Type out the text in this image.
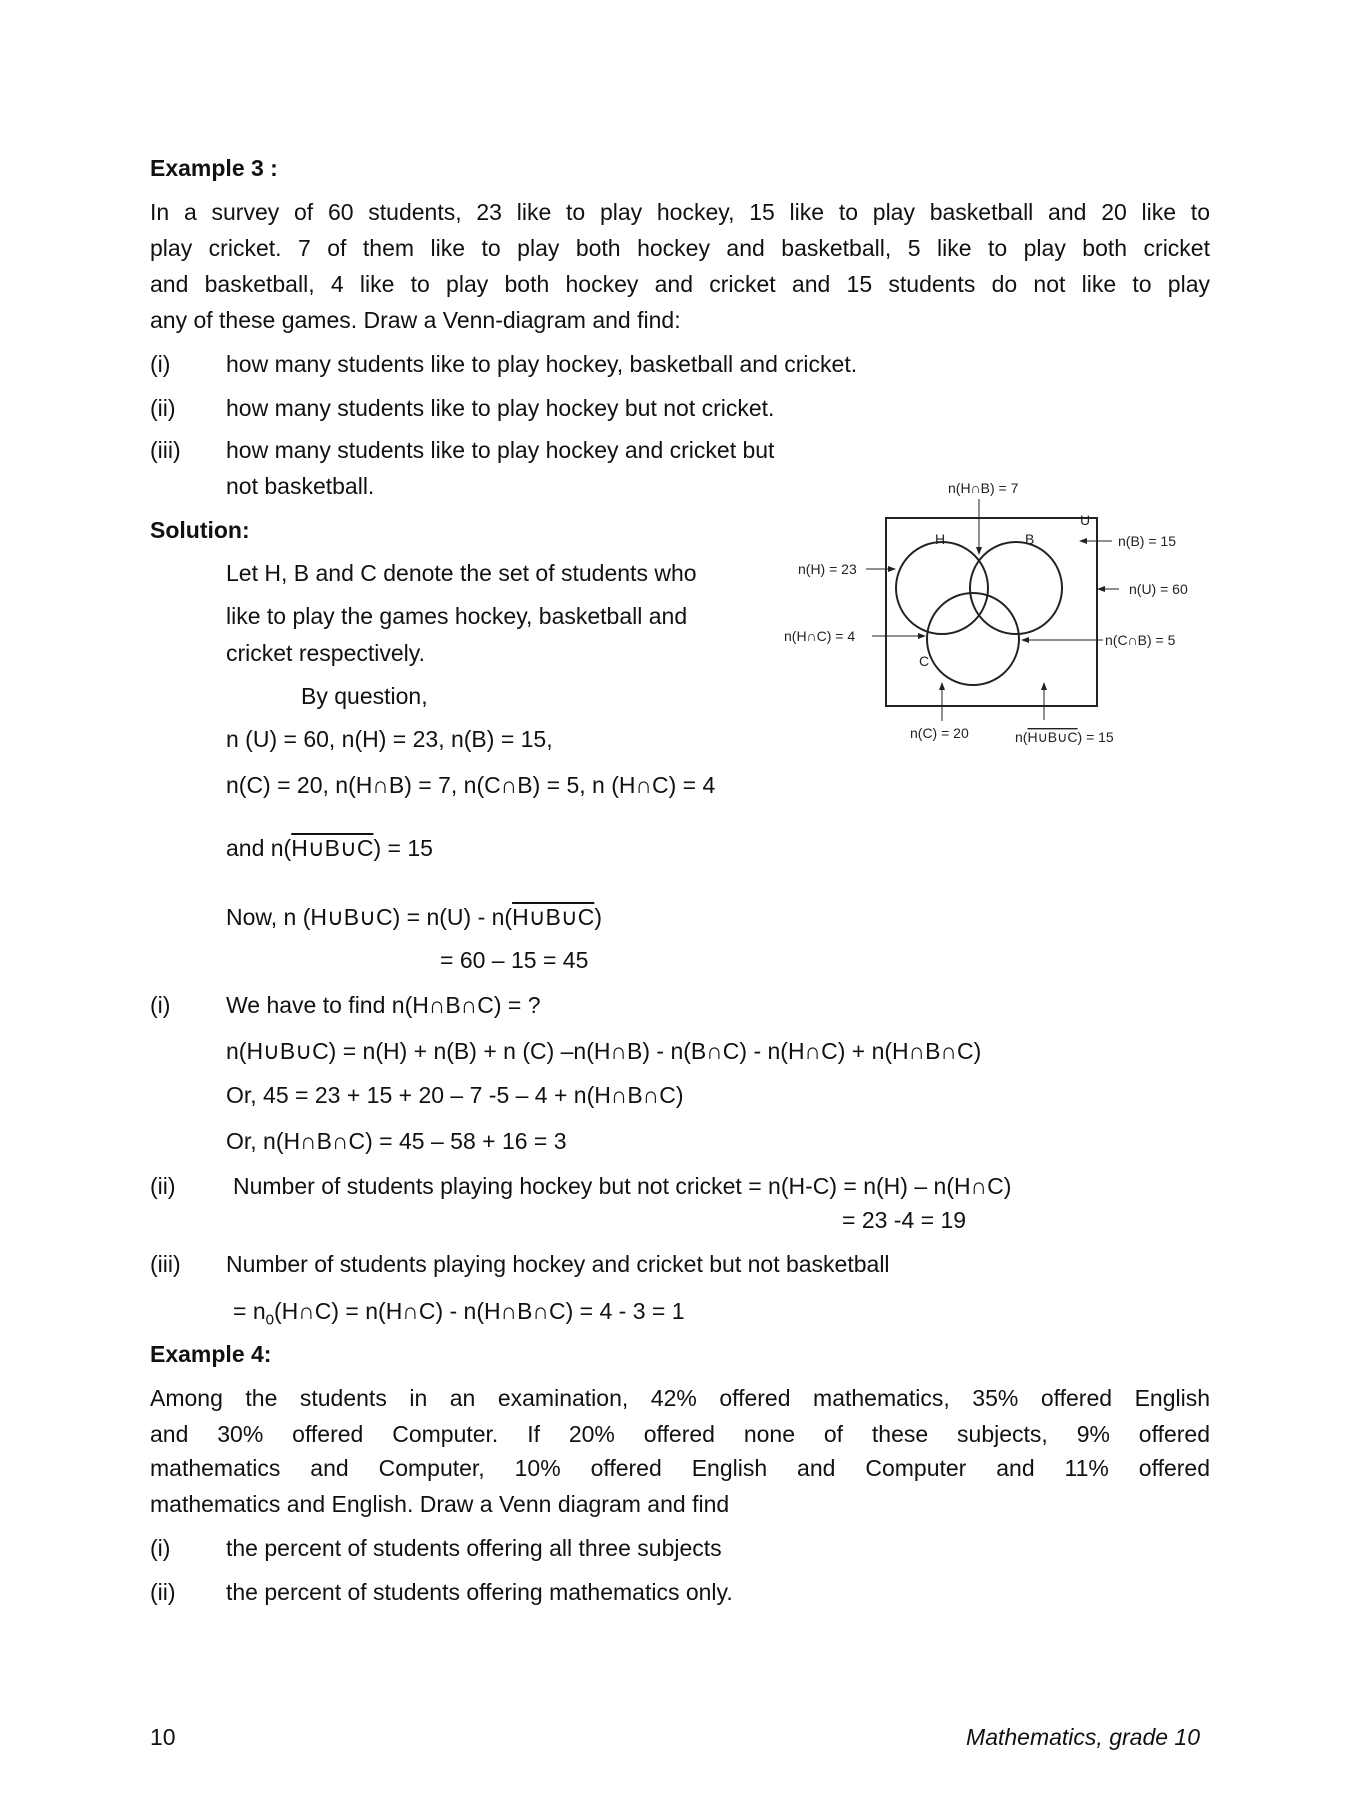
Example 3 :
In a survey of 60 students, 23 like to play hockey, 15 like to play basketball and 20 like to
play cricket. 7 of them like to play both hockey and basketball, 5 like to play both cricket
and basketball, 4 like to play both hockey and cricket and 15 students do not like to play
any of these games. Draw a Venn-diagram and find:
(i) how many students like to play hockey, basketball and cricket.
(ii) how many students like to play hockey but not cricket.
(iii) how many students like to play hockey and cricket but
not basketball.
Solution:
Let H, B and C denote the set of students who
like to play the games hockey, basketball and
cricket respectively.
By question,
n (U) = 60, n(H) = 23, n(B) = 15,
n(C) = 20, n(H∩B) = 7, n(C∩B) = 5, n (H∩C) = 4
and n(H∪B∪C) = 15
Now, n (H∪B∪C) = n(U) - n(H∪B∪C)
= 60 – 15 = 45
(i) We have to find n(H∩B∩C) = ?
n(H∪B∪C) = n(H) + n(B) + n (C) –n(H∩B) - n(B∩C) - n(H∩C) + n(H∩B∩C)
Or, 45 = 23 + 15 + 20 – 7 -5 – 4 + n(H∩B∩C)
Or, n(H∩B∩C) = 45 – 58 + 16 = 3
(ii) Number of students playing hockey but not cricket = n(H-C) = n(H) – n(H∩C)
= 23 -4 = 19
(iii) Number of students playing hockey and cricket but not basketball
= $n_0(H\cap C)$ = n(H∩C) - n(H∩B∩C) = 4 - 3 = 1
Example 4:
Among the students in an examination, 42% offered mathematics, 35% offered English
and 30% offered Computer. If 20% offered none of these subjects, 9% offered
mathematics and Computer, 10% offered English and Computer and 11% offered
mathematics and English. Draw a Venn diagram and find
(i) the percent of students offering all three subjects
(ii) the percent of students offering mathematics only.
U
H	B
C
n(H∩B) = 7
n(H) = 23
n(H∩C) = 4
n(B) = 15
n(U) = 60
n(C∩B) = 5
n(C) = 20	n(H∪B∪C) = 15
10	Mathematics, grade 10
